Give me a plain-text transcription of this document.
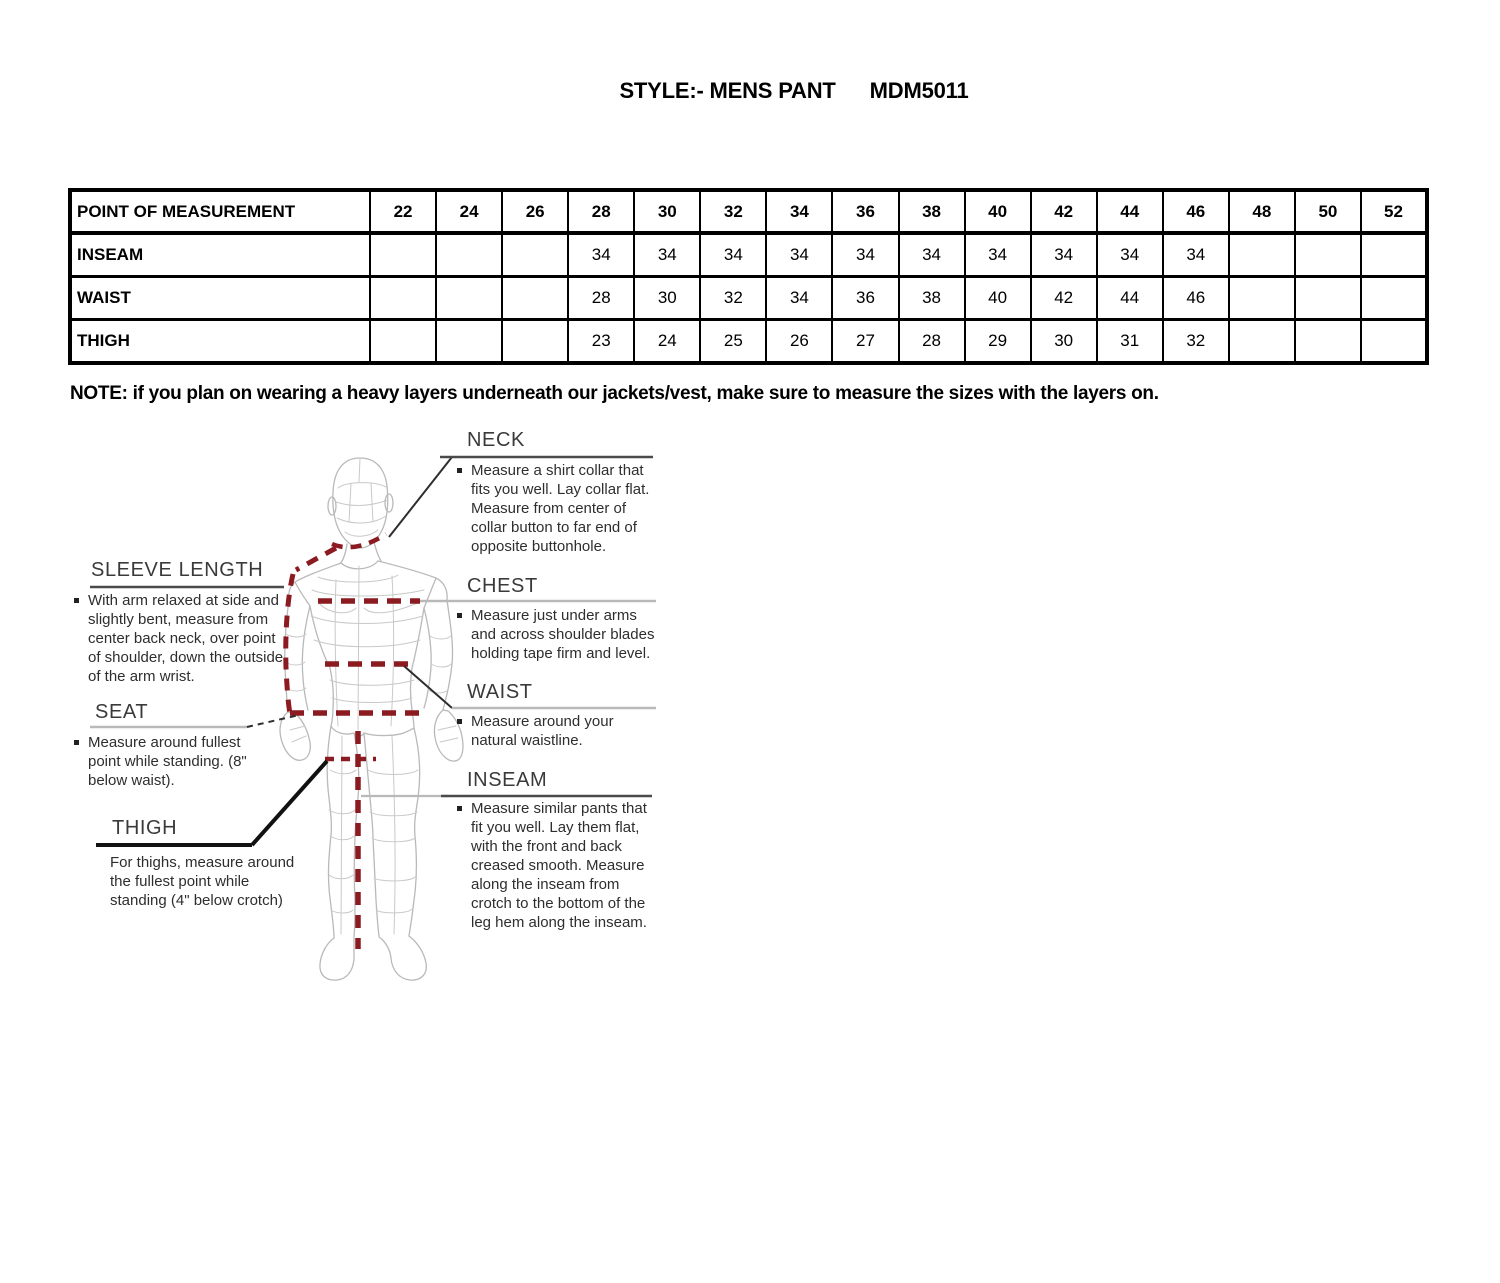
STYLE:- MENS PANT MDM5011
POINT OF MEASUREMENT	22	24	26	28	30	32	34	36	38	40	42	44	46	48	50	52
INSEAM				34	34	34	34	34	34	34	34	34	34			
WAIST				28	30	32	34	36	38	40	42	44	46			
THIGH				23	24	25	26	27	28	29	30	31	32			
NOTE: if you plan on wearing a heavy layers underneath our jackets/vest, make sure to measure the sizes with the layers on.
NECK
Measure a shirt collar that fits you well. Lay collar flat. Measure from center of collar button to far end of opposite buttonhole.
SLEEVE LENGTH
With arm relaxed at side and slightly bent, measure from center back neck, over point of shoulder, down the outside of the arm wrist.
CHEST
Measure just under arms and across shoulder blades holding tape firm and level.
WAIST
Measure around your natural waistline.
SEAT
Measure around fullest point while standing. (8" below waist).	INSEAM
Measure similar pants that fit you well. Lay them flat, with the front and back creased smooth. Measure along the inseam from crotch to the bottom of the leg hem along the inseam.
THIGH
For thighs, measure around the fullest point while standing (4" below crotch)
